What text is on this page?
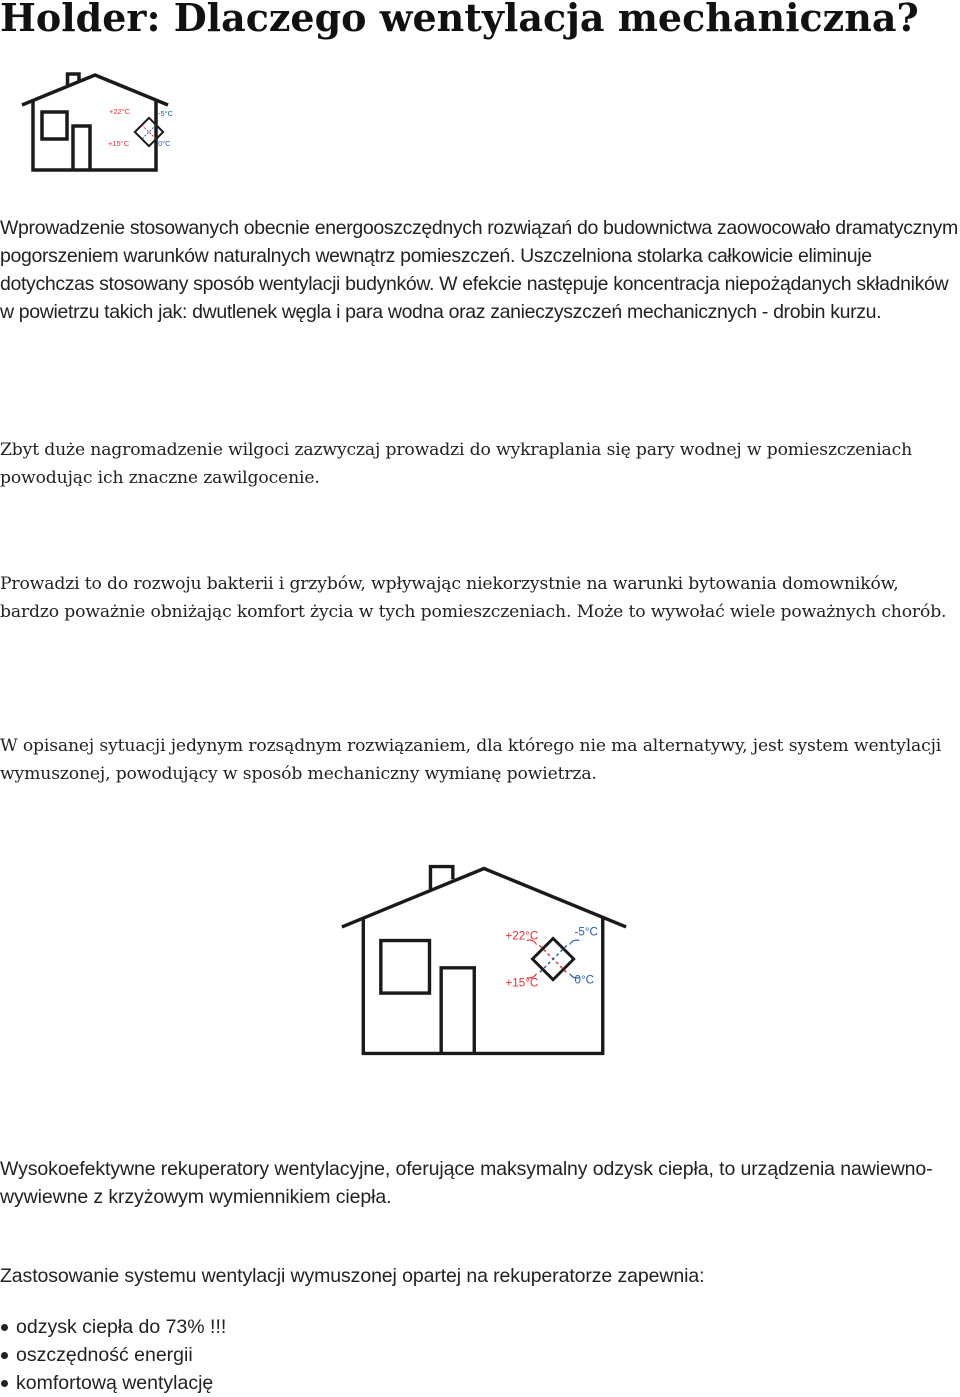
Holder: Dlaczego wentylacja mechaniczna?
+22°C
+15°C
-5°C
0°C

Wprowadzenie stosowanych obecnie energooszczędnych rozwiązań do budownictwa zaowocowało dramatycznym pogorszeniem warunków naturalnych wewnątrz pomieszczeń. Uszczelniona stolarka całkowicie eliminuje dotychczas stosowany sposób wentylacji budynków. W efekcie następuje koncentracja niepożądanych składników w powietrzu takich jak: dwutlenek węgla i para wodna oraz zanieczyszczeń mechanicznych - drobin kurzu.

Zbyt duże nagromadzenie wilgoci zazwyczaj prowadzi do wykraplania się pary wodnej w pomieszczeniach powodując ich znaczne zawilgocenie.

Prowadzi to do rozwoju bakterii i grzybów, wpływając niekorzystnie na warunki bytowania domowników, bardzo poważnie obniżając komfort życia w tych pomieszczeniach. Może to wywołać wiele poważnych chorób.

W opisanej sytuacji jedynym rozsądnym rozwiązaniem, dla którego nie ma alternatywy, jest system wentylacji wymuszonej, powodujący w sposób mechaniczny wymianę powietrza.

+22°C
+15°C
-5°C
0°C

Wysokoefektywne rekuperatory wentylacyjne, oferujące maksymalny odzysk ciepła, to urządzenia nawiewno-wywiewne z krzyżowym wymiennikiem ciepła.

Zastosowanie systemu wentylacji wymuszonej opartej na rekuperatorze zapewnia:

odzysk ciepła do 73% !!!
oszczędność energii
komfortową wentylację
